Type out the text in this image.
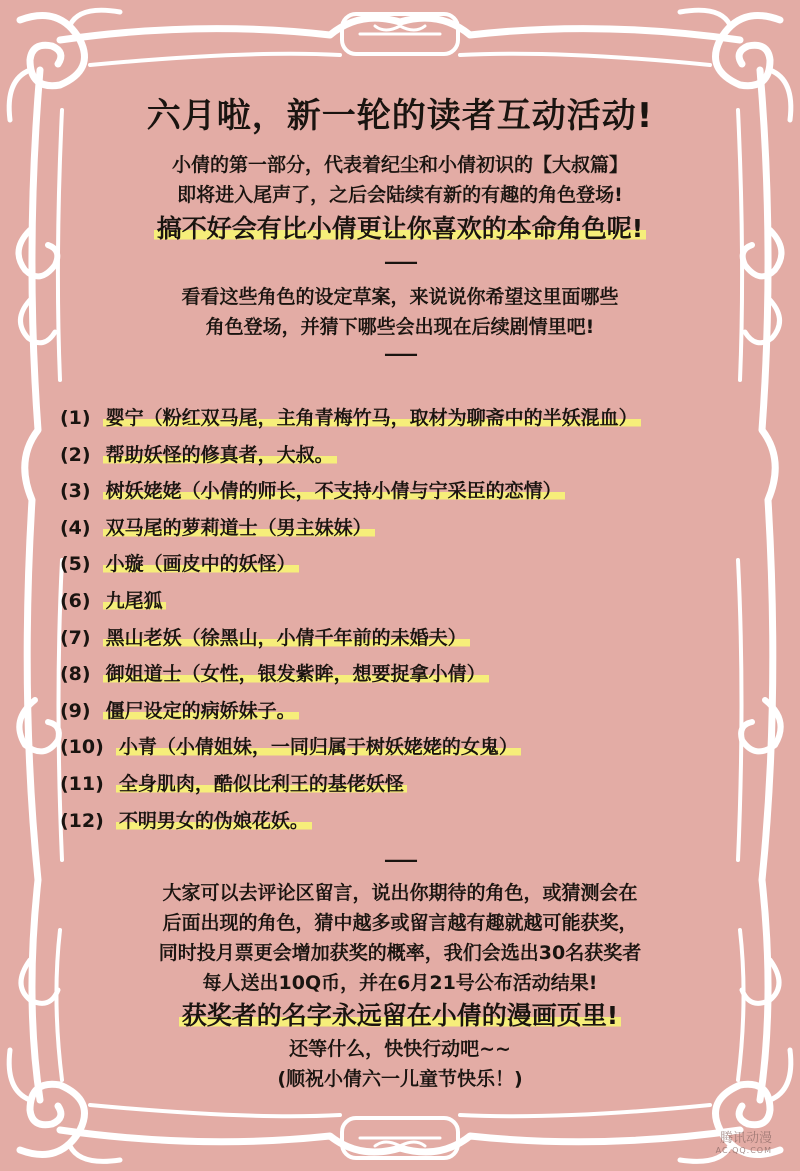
六月啦，新一轮的读者互动活动!
小倩的第一部分，代表着纪尘和小倩初识的【大叔篇】
即将进入尾声了，之后会陆续有新的有趣的角色登场!
搞不好会有比小倩更让你喜欢的本命角色呢!
——
看看这些角色的设定草案，来说说你希望这里面哪些
角色登场，并猜下哪些会出现在后续剧情里吧!
——
(1) 婴宁（粉红双马尾，主角青梅竹马，取材为聊斋中的半妖混血）
(2) 帮助妖怪的修真者，大叔。
(3) 树妖姥姥（小倩的师长，不支持小倩与宁采臣的恋情）
(4) 双马尾的萝莉道士（男主妹妹）
(5) 小璇（画皮中的妖怪）
(6) 九尾狐
(7) 黑山老妖（徐黑山，小倩千年前的未婚夫）
(8) 御姐道士（女性，银发紫眸，想要捉拿小倩）
(9) 僵尸设定的病娇妹子。
(10) 小青（小倩姐妹，一同归属于树妖姥姥的女鬼）
(11) 全身肌肉，酷似比利王的基佬妖怪
(12) 不明男女的伪娘花妖。
——
大家可以去评论区留言，说出你期待的角色，或猜测会在
后面出现的角色，猜中越多或留言越有趣就越可能获奖，
同时投月票更会增加获奖的概率，我们会选出30名获奖者
每人送出10Q币，并在6月21号公布活动结果!
获奖者的名字永远留在小倩的漫画页里!
还等什么，快快行动吧~~
(顺祝小倩六一儿童节快乐！)
腾讯动漫
AC.QQ.COM
